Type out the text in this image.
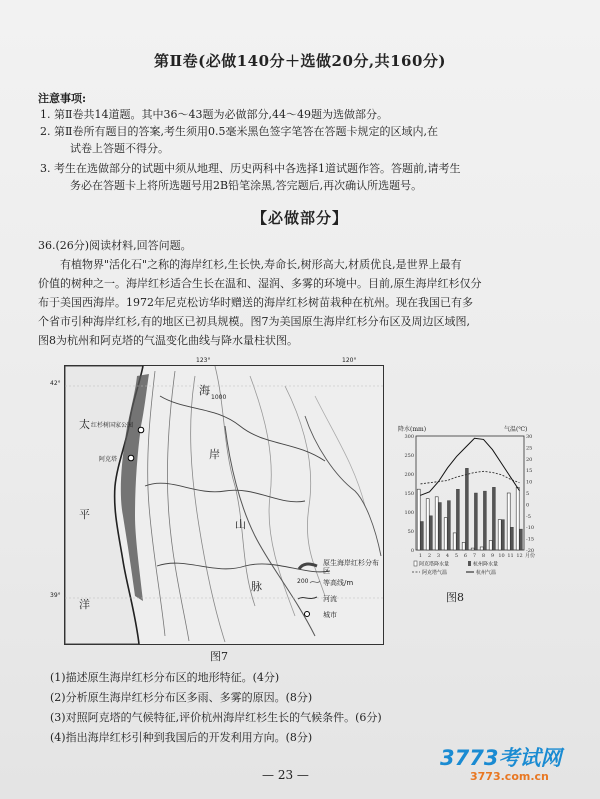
第Ⅱ卷(必做140分＋选做20分,共160分)
注意事项:
1. 第Ⅱ卷共14道题。其中36～43题为必做部分,44～49题为选做部分。
2. 第Ⅱ卷所有题目的答案,考生须用0.5毫米黑色签字笔答在答题卡规定的区域内,在
试卷上答题不得分。
3. 考生在选做部分的试题中须从地理、历史两科中各选择1道试题作答。答题前,请考生
务必在答题卡上将所选题号用2B铅笔涂黑,答完题后,再次确认所选题号。
【必做部分】
36.(26分)阅读材料,回答问题。
有植物界"活化石"之称的海岸红杉,生长快,寿命长,树形高大,材质优良,是世界上最有
价值的树种之一。海岸红杉适合生长在温和、湿润、多雾的环境中。目前,原生海岸红杉仅分
布于美国西海岸。1972年尼克松访华时赠送的海岸红杉树苗栽种在杭州。现在我国已有多
个省市引种海岸红杉,有的地区已初具规模。图7为美国原生海岸红杉分布区及周边区域图,
图8为杭州和阿克塔的气温变化曲线与降水量柱状图。
123°	120°
42°
39°
太
平
洋
海
岸
山
脉
1000
红杉树国家公园
阿克塔
原生海岸红杉分布区
200 等高线/m
河流
城市
图7
降水(mm)	气温(℃)
300
250
200
150
100
50
0
30
25
20
15
10
5
0
-5
-10
-15
-20
1 2 3 4 5 6 7 8 9 10 11 12 月份
阿克塔降水量	杭州降水量
阿克塔气温	杭州气温
图8
(1)描述原生海岸红杉分布区的地形特征。(4分)
(2)分析原生海岸红杉分布区多雨、多雾的原因。(8分)
(3)对照阿克塔的气候特征,评价杭州海岸红杉生长的气候条件。(6分)
(4)指出海岸红杉引种到我国后的开发利用方向。(8分)
— 23 —
3773考试网
3773.com.cn
